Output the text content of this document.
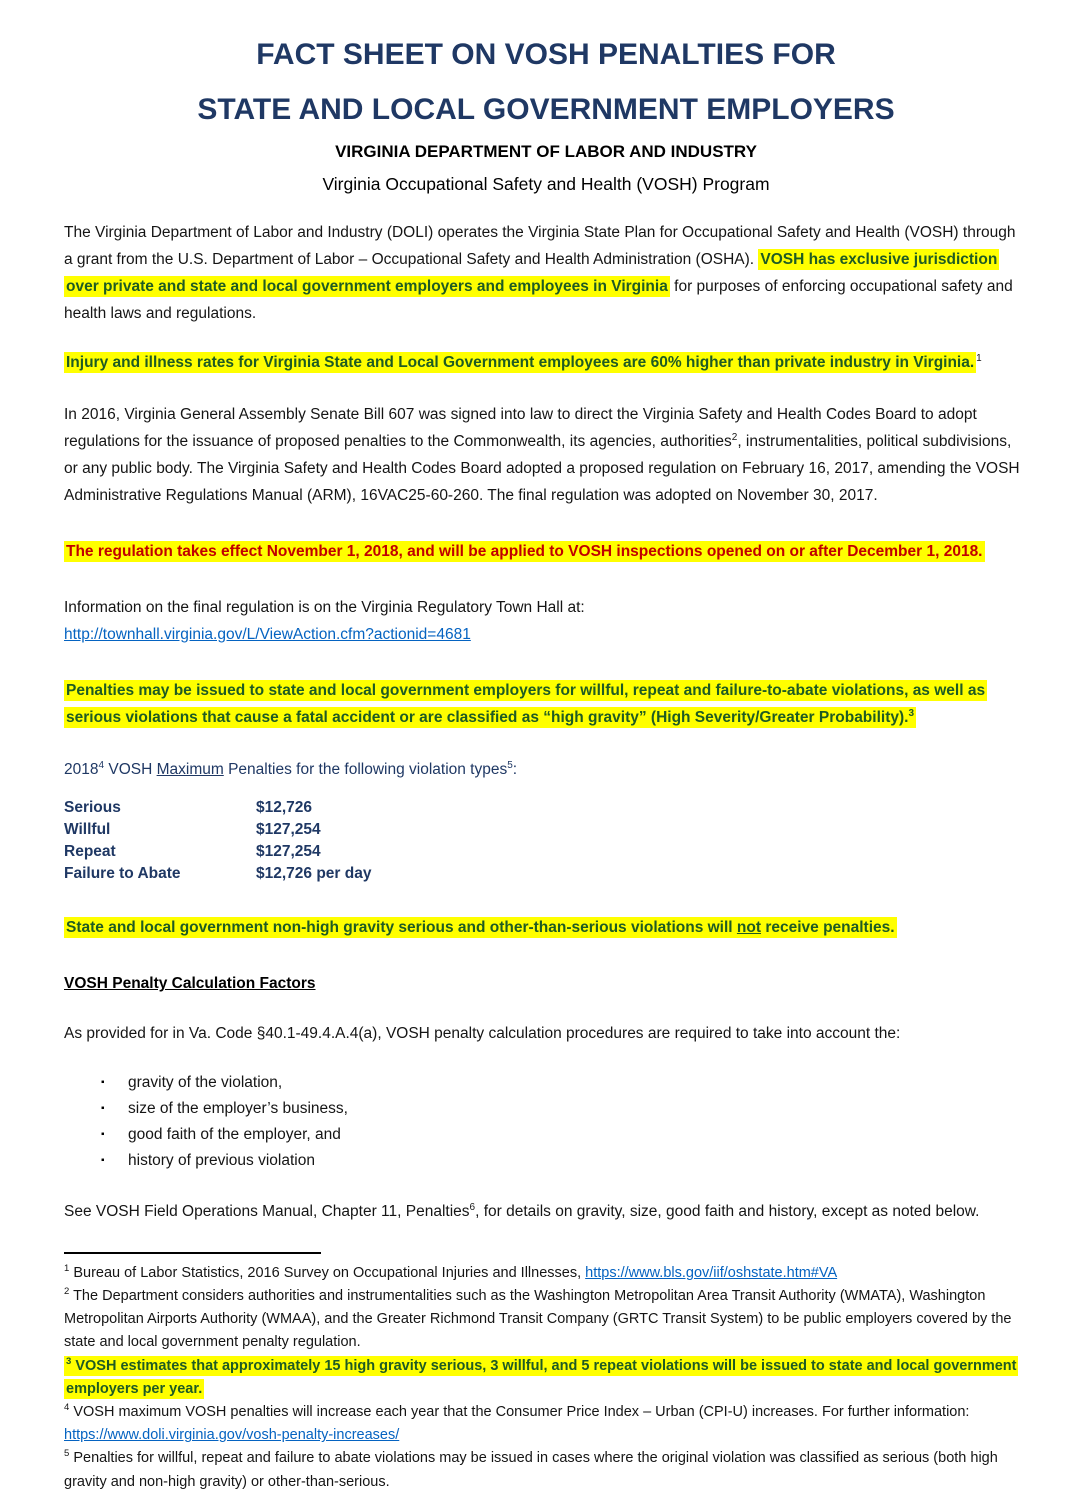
FACT SHEET ON VOSH PENALTIES FOR
STATE AND LOCAL GOVERNMENT EMPLOYERS
VIRGINIA DEPARTMENT OF LABOR AND INDUSTRY
Virginia Occupational Safety and Health (VOSH) Program

The Virginia Department of Labor and Industry (DOLI) operates the Virginia State Plan for Occupational Safety and Health (VOSH) through a grant from the U.S. Department of Labor – Occupational Safety and Health Administration (OSHA). VOSH has exclusive jurisdiction over private and state and local government employers and employees in Virginia for purposes of enforcing occupational safety and health laws and regulations.

Injury and illness rates for Virginia State and Local Government employees are 60% higher than private industry in Virginia. $^1$

In 2016, Virginia General Assembly Senate Bill 607 was signed into law to direct the Virginia Safety and Health Codes Board to adopt regulations for the issuance of proposed penalties to the Commonwealth, its agencies, authorities$^2$, instrumentalities, political subdivisions, or any public body. The Virginia Safety and Health Codes Board adopted a proposed regulation on February 16, 2017, amending the VOSH Administrative Regulations Manual (ARM), 16VAC25-60-260. The final regulation was adopted on November 30, 2017.

The regulation takes effect November 1, 2018, and will be applied to VOSH inspections opened on or after December 1, 2018.

Information on the final regulation is on the Virginia Regulatory Town Hall at:
http://townhall.virginia.gov/L/ViewAction.cfm?actionid=4681

Penalties may be issued to state and local government employers for willful, repeat and failure-to-abate violations, as well as serious violations that cause a fatal accident or are classified as “high gravity” (High Severity/Greater Probability).$^3$

2018$^4$ VOSH Maximum Penalties for the following violation types$^5$:

Serious	$12,726
Willful	$127,254
Repeat	$127,254
Failure to Abate	$12,726 per day

State and local government non-high gravity serious and other-than-serious violations will not receive penalties.

VOSH Penalty Calculation Factors

As provided for in Va. Code §40.1-49.4.A.4(a), VOSH penalty calculation procedures are required to take into account the:

▪	gravity of the violation,
▪	size of the employer’s business,
▪	good faith of the employer, and
▪	history of previous violation

See VOSH Field Operations Manual, Chapter 11, Penalties$^6$, for details on gravity, size, good faith and history, except as noted below.

$^1$ Bureau of Labor Statistics, 2016 Survey on Occupational Injuries and Illnesses, https://www.bls.gov/iif/oshstate.htm#VA
$^2$ The Department considers authorities and instrumentalities such as the Washington Metropolitan Area Transit Authority (WMATA), Washington Metropolitan Airports Authority (WMAA), and the Greater Richmond Transit Company (GRTC Transit System) to be public employers covered by the state and local government penalty regulation.
$^3$ VOSH estimates that approximately 15 high gravity serious, 3 willful, and 5 repeat violations will be issued to state and local government employers per year.
$^4$ VOSH maximum VOSH penalties will increase each year that the Consumer Price Index – Urban (CPI-U) increases. For further information: https://www.doli.virginia.gov/vosh-penalty-increases/
$^5$ Penalties for willful, repeat and failure to abate violations may be issued in cases where the original violation was classified as serious (both high gravity and non-high gravity) or other-than-serious.
